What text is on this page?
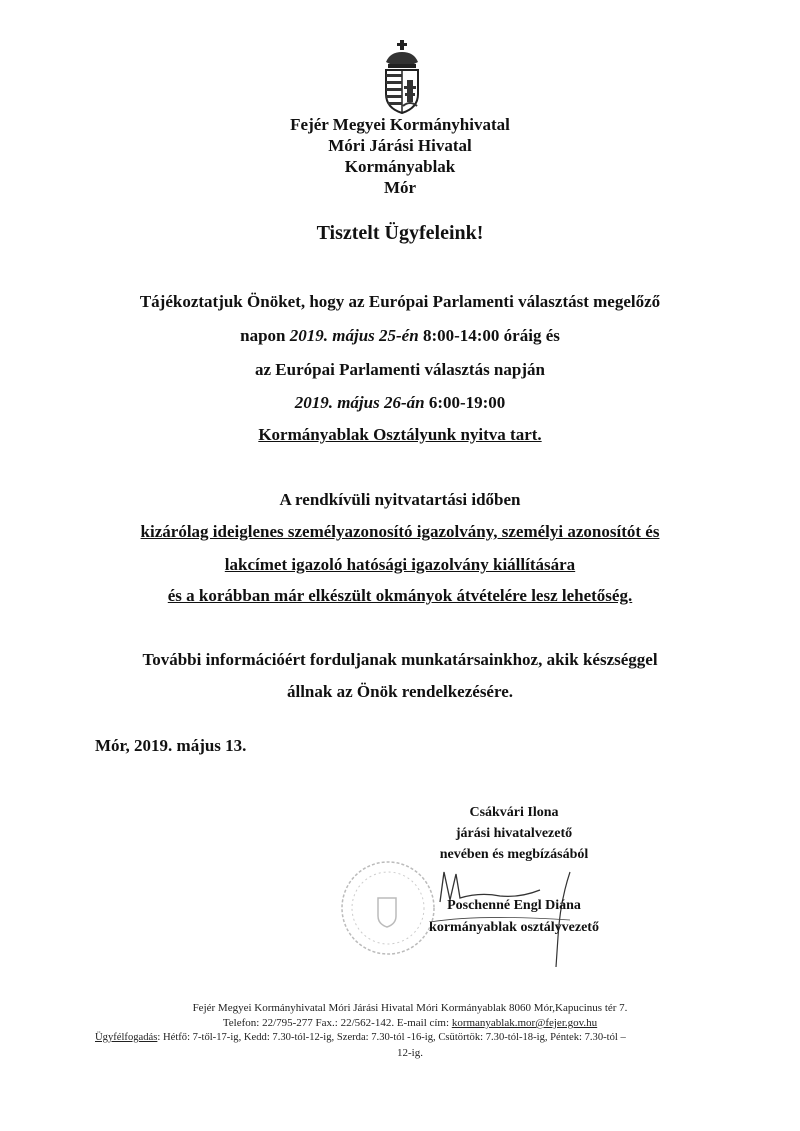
Fejér Megyei Kormányhivatal
Móri Járási Hivatal
Kormányablak
Mór
Tisztelt Ügyfeleink!
Tájékoztatjuk Önöket, hogy az Európai Parlamenti választást megelőző
napon 2019. május 25-én 8:00-14:00 óráig és
az Európai Parlamenti választás napján
2019. május 26-án 6:00-19:00
Kormányablak Osztályunk nyitva tart.
A rendkívüli nyitvatartási időben
kizárólag ideiglenes személyazonosító igazolvány, személyi azonosítót és
lakcímet igazoló hatósági igazolvány kiállítására
és a korábban már elkészült okmányok átvételére lesz lehetőség.
További információért forduljanak munkatársainkhoz, akik készséggel
állnak az Önök rendelkezésére.
Mór, 2019. május 13.
Csákvári Ilona
járási hivatalvezető
nevében és megbízásából
Poschenné Engl Diána
kormányablak osztályvezető
Fejér Megyei Kormányhivatal Móri Járási Hivatal Móri Kormányablak 8060 Mór,Kapucinus tér 7.
Telefon: 22/795-277 Fax.: 22/562-142. E-mail cím: kormanyablak.mor@fejer.gov.hu
Ügyfélfogadás: Hétfő: 7-től-17-ig, Kedd: 7.30-tól-12-ig, Szerda: 7.30-tól -16-ig, Csütörtök: 7.30-tól-18-ig, Péntek: 7.30-tól –
12-ig.
